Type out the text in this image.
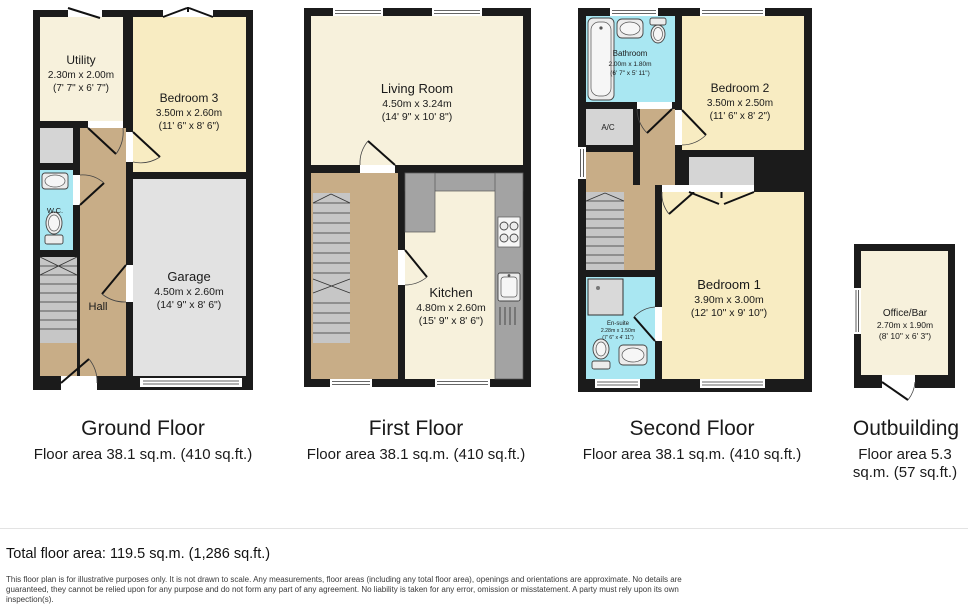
Utility
2.30m x 2.00m
(7' 7" x 6' 7")
Bedroom 3
3.50m x 2.60m
(11' 6" x 8' 6")
W.C.
Hall
Garage
4.50m x 2.60m
(14' 9" x 8' 6")
Living Room
4.50m x 3.24m
(14' 9" x 10' 8")
Kitchen
4.80m x 2.60m
(15' 9" x 8' 6")
Bathroom
2.00m x 1.80m
(6' 7" x 5' 11")
A/C
Bedroom 2
3.50m x 2.50m
(11' 6" x 8' 2")
Bedroom 1
3.90m x 3.00m
(12' 10" x 9' 10")
En-suite
2.28m x 1.50m
(7' 6" x 4' 11")
Office/Bar
2.70m x 1.90m
(8' 10" x 6' 3")
Ground Floor
Floor area 38.1 sq.m. (410 sq.ft.)
First Floor
Floor area 38.1 sq.m. (410 sq.ft.)
Second Floor
Floor area 38.1 sq.m. (410 sq.ft.)
Outbuilding
Floor area 5.3 sq.m. (57 sq.ft.)
Total floor area: 119.5 sq.m. (1,286 sq.ft.)
This floor plan is for illustrative purposes only. It is not drawn to scale. Any measurements, floor areas (including any total floor area), openings and orientations are approximate. No details are guaranteed, they cannot be relied upon for any purpose and do not form any part of any agreement. No liability is taken for any error, omission or misstatement. A party must rely upon its own inspection(s).
